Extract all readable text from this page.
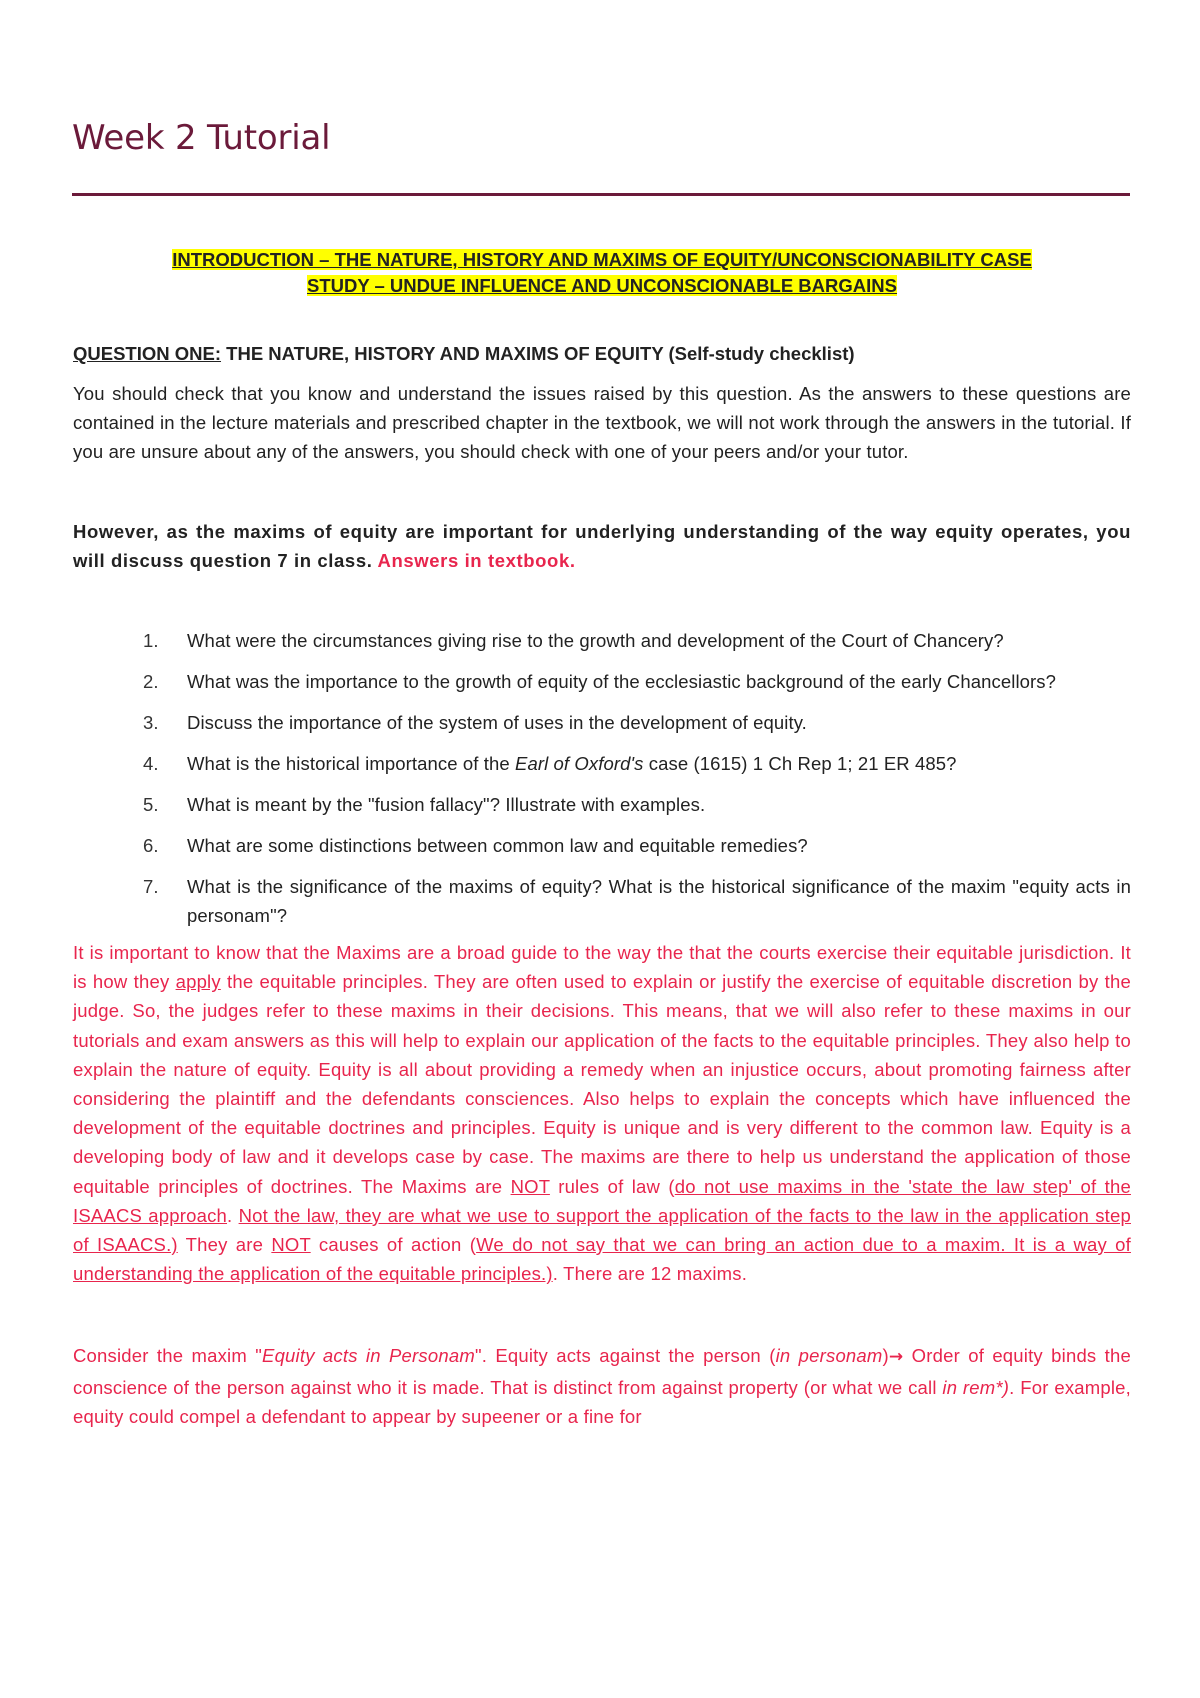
Week 2 Tutorial

INTRODUCTION – THE NATURE, HISTORY AND MAXIMS OF EQUITY/UNCONSCIONABILITY CASE
STUDY – UNDUE INFLUENCE AND UNCONSCIONABLE BARGAINS

QUESTION ONE: THE NATURE, HISTORY AND MAXIMS OF EQUITY (Self-study checklist)

You should check that you know and understand the issues raised by this question. As the answers to these questions are contained in the lecture materials and prescribed chapter in the textbook, we will not work through the answers in the tutorial. If you are unsure about any of the answers, you should check with one of your peers and/or your tutor.

However, as the maxims of equity are important for underlying understanding of the way equity operates, you will discuss question 7 in class. Answers in textbook.

1. What were the circumstances giving rise to the growth and development of the Court of Chancery?
2. What was the importance to the growth of equity of the ecclesiastic background of the early Chancellors?
3. Discuss the importance of the system of uses in the development of equity.
4. What is the historical importance of the Earl of Oxford's case (1615) 1 Ch Rep 1; 21 ER 485?
5. What is meant by the "fusion fallacy"? Illustrate with examples.
6. What are some distinctions between common law and equitable remedies?
7. What is the significance of the maxims of equity? What is the historical significance of the maxim "equity acts in personam"?

It is important to know that the Maxims are a broad guide to the way the that the courts exercise their equitable jurisdiction. It is how they apply the equitable principles. They are often used to explain or justify the exercise of equitable discretion by the judge. So, the judges refer to these maxims in their decisions. This means, that we will also refer to these maxims in our tutorials and exam answers as this will help to explain our application of the facts to the equitable principles. They also help to explain the nature of equity. Equity is all about providing a remedy when an injustice occurs, about promoting fairness after considering the plaintiff and the defendants consciences. Also helps to explain the concepts which have influenced the development of the equitable doctrines and principles. Equity is unique and is very different to the common law. Equity is a developing body of law and it develops case by case. The maxims are there to help us understand the application of those equitable principles of doctrines. The Maxims are NOT rules of law (do not use maxims in the 'state the law step' of the ISAACS approach. Not the law, they are what we use to support the application of the facts to the law in the application step of ISAACS.) They are NOT causes of action (We do not say that we can bring an action due to a maxim. It is a way of understanding the application of the equitable principles.). There are 12 maxims.

Consider the maxim "Equity acts in Personam". Equity acts against the person (in personam)→ Order of equity binds the conscience of the person against who it is made. That is distinct from against property (or what we call in rem*). For example, equity could compel a defendant to appear by supeener or a fine for
